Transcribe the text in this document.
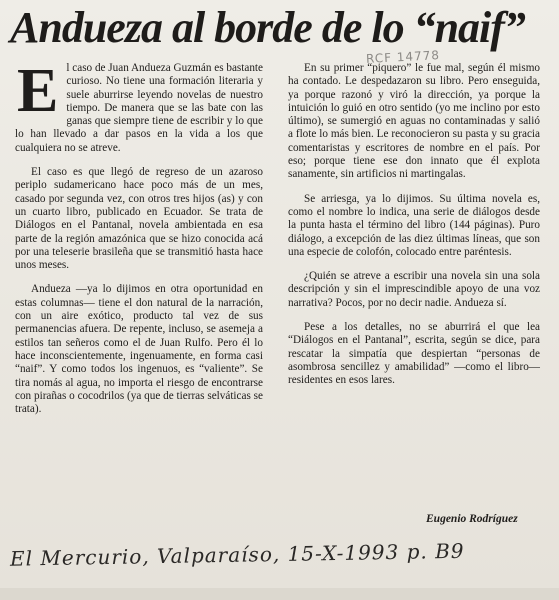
Andueza al borde de lo “naif”
RCF 14778

E l caso de Juan Andueza Guzmán es bastante curioso. No tiene una formación literaria y suele aburrirse leyendo novelas de nuestro tiempo. De manera que se las bate con las ganas que siempre tiene de escribir y lo que lo han llevado a dar pasos en la vida a los que cualquiera no se atreve.

El caso es que llegó de regreso de un azaroso periplo sudamericano hace poco más de un mes, casado por segunda vez, con otros tres hijos (as) y con un cuarto libro, publicado en Ecuador. Se trata de Diálogos en el Pantanal, novela ambientada en esa parte de la región amazónica que se hizo conocida acá por una teleserie brasileña que se transmitió hasta hace unos meses.

Andueza —ya lo dijimos en otra oportunidad en estas columnas— tiene el don natural de la narración, con un aire exótico, producto tal vez de sus permanencias afuera. De repente, incluso, se asemeja a estilos tan señeros como el de Juan Rulfo. Pero él lo hace inconscientemente, ingenuamente, en forma casi “naif”. Y como todos los ingenuos, es “valiente”. Se tira nomás al agua, no importa el riesgo de encontrarse con pirañas o cocodrilos (ya que de tierras selváticas se trata).

En su primer “piquero” le fue mal, según él mismo ha contado. Le despedazaron su libro. Pero enseguida, ya porque razonó y viró la dirección, ya porque la intuición lo guió en otro sentido (yo me inclino por esto último), se sumergió en aguas no contaminadas y salió a flote lo más bien. Le reconocieron su pasta y su gracia comentaristas y escritores de nombre en el país. Por eso; porque tiene ese don innato que él explota sanamente, sin artificios ni martingalas.

Se arriesga, ya lo dijimos. Su última novela es, como el nombre lo indica, una serie de diálogos desde la punta hasta el término del libro (144 páginas). Puro diálogo, a excepción de las diez últimas líneas, que son una especie de colofón, colocado entre paréntesis.

¿Quién se atreve a escribir una novela sin una sola descripción y sin el imprescindible apoyo de una voz narrativa? Pocos, por no decir nadie. Andueza sí.

Pese a los detalles, no se aburrirá el que lea “Diálogos en el Pantanal”, escrita, según se dice, para rescatar la simpatía que despiertan “personas de asombrosa sencillez y amabilidad” —como el libro— residentes en esos lares.

Eugenio Rodríguez
El Mercurio, Valparaíso, 15-X-1993 p. B9
